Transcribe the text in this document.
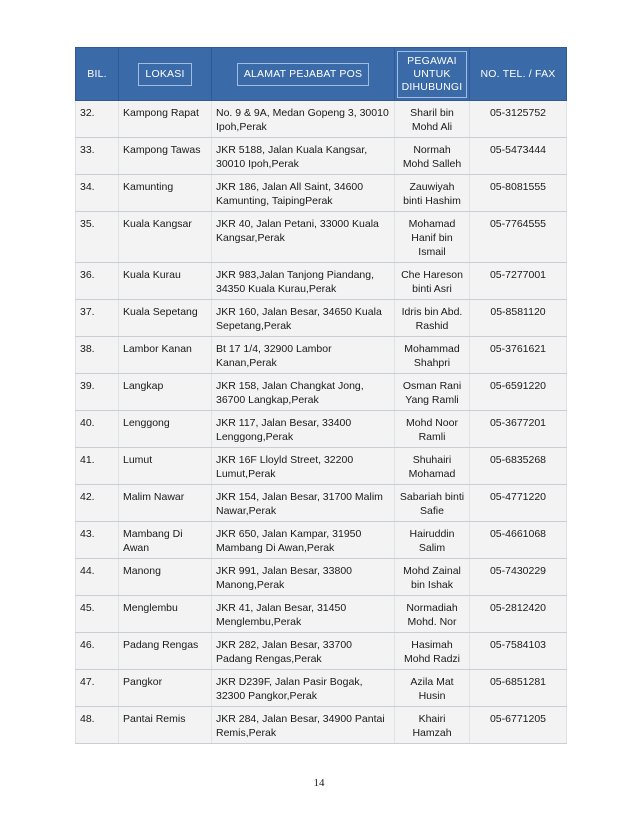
BIL.	LOKASI	ALAMAT PEJABAT POS	PEGAWAI UNTUK DIHUBUNGI	NO. TEL. / FAX
32.	Kampong Rapat	No. 9 & 9A, Medan Gopeng 3, 30010 Ipoh,Perak	Sharil bin Mohd Ali	05-3125752
33.	Kampong Tawas	JKR 5188, Jalan Kuala Kangsar, 30010 Ipoh,Perak	Normah Mohd Salleh	05-5473444
34.	Kamunting	JKR 186, Jalan All Saint, 34600 Kamunting, TaipingPerak	Zauwiyah binti Hashim	05-8081555
35.	Kuala Kangsar	JKR 40, Jalan Petani, 33000 Kuala Kangsar,Perak	Mohamad Hanif bin Ismail	05-7764555
36.	Kuala Kurau	JKR 983,Jalan Tanjong Piandang, 34350 Kuala Kurau,Perak	Che Hareson binti Asri	05-7277001
37.	Kuala Sepetang	JKR 160, Jalan Besar, 34650 Kuala Sepetang,Perak	Idris bin Abd. Rashid	05-8581120
38.	Lambor Kanan	Bt 17 1/4, 32900 Lambor Kanan,Perak	Mohammad Shahpri	05-3761621
39.	Langkap	JKR 158, Jalan Changkat Jong, 36700 Langkap,Perak	Osman Rani Yang Ramli	05-6591220
40.	Lenggong	JKR 117, Jalan Besar, 33400 Lenggong,Perak	Mohd Noor Ramli	05-3677201
41.	Lumut	JKR 16F Lloyld Street, 32200 Lumut,Perak	Shuhairi Mohamad	05-6835268
42.	Malim Nawar	JKR 154, Jalan Besar, 31700 Malim Nawar,Perak	Sabariah binti Safie	05-4771220
43.	Mambang Di Awan	JKR 650, Jalan Kampar, 31950 Mambang Di Awan,Perak	Hairuddin Salim	05-4661068
44.	Manong	JKR 991, Jalan Besar, 33800 Manong,Perak	Mohd Zainal bin Ishak	05-7430229
45.	Menglembu	JKR 41, Jalan Besar, 31450 Menglembu,Perak	Normadiah Mohd. Nor	05-2812420
46.	Padang Rengas	JKR 282, Jalan Besar, 33700 Padang Rengas,Perak	Hasimah Mohd Radzi	05-7584103
47.	Pangkor	JKR D239F, Jalan Pasir Bogak, 32300 Pangkor,Perak	Azila Mat Husin	05-6851281
48.	Pantai Remis	JKR 284, Jalan Besar, 34900 Pantai Remis,Perak	Khairi Hamzah	05-6771205
14
